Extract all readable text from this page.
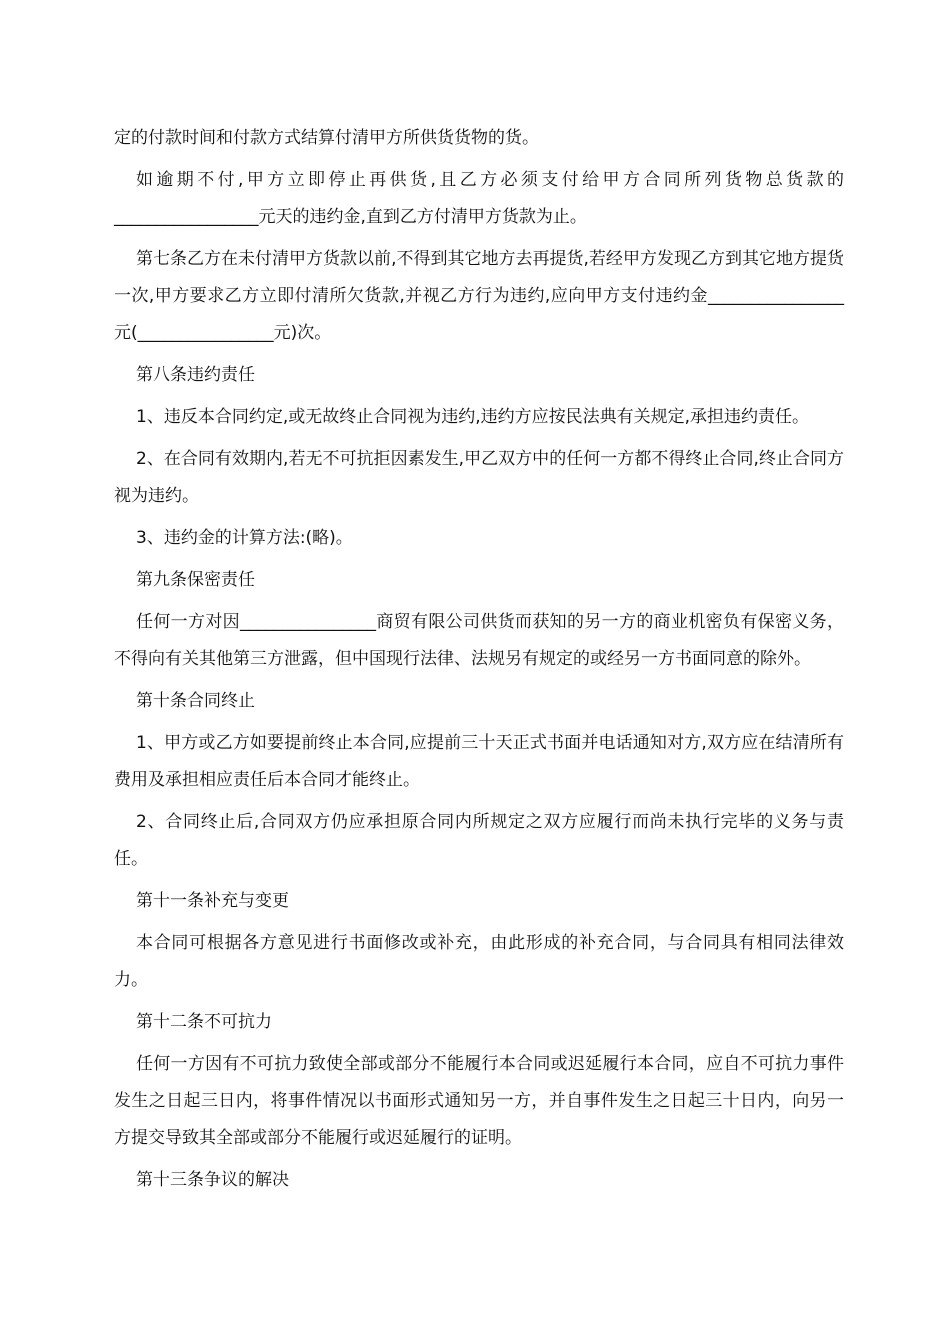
定的付款时间和付款方式结算付清甲方所供货货物的货。

如逾期不付,甲方立即停止再供货,且乙方必须支付给甲方合同所列货物总货款的_________________元天的违约金,直到乙方付清甲方货款为止。

第七条乙方在未付清甲方货款以前,不得到其它地方去再提货,若经甲方发现乙方到其它地方提货一次,甲方要求乙方立即付清所欠货款,并视乙方行为违约,应向甲方支付违约金________________元(________________元)次。

第八条违约责任

1、违反本合同约定,或无故终止合同视为违约,违约方应按民法典有关规定,承担违约责任。

2、在合同有效期内,若无不可抗拒因素发生,甲乙双方中的任何一方都不得终止合同,终止合同方视为违约。

3、违约金的计算方法:(略)。

第九条保密责任

任何一方对因________________商贸有限公司供货而获知的另一方的商业机密负有保密义务，不得向有关其他第三方泄露，但中国现行法律、法规另有规定的或经另一方书面同意的除外。

第十条合同终止

1、甲方或乙方如要提前终止本合同,应提前三十天正式书面并电话通知对方,双方应在结清所有费用及承担相应责任后本合同才能终止。

2、合同终止后,合同双方仍应承担原合同内所规定之双方应履行而尚未执行完毕的义务与责任。

第十一条补充与变更

本合同可根据各方意见进行书面修改或补充，由此形成的补充合同，与合同具有相同法律效力。

第十二条不可抗力

任何一方因有不可抗力致使全部或部分不能履行本合同或迟延履行本合同，应自不可抗力事件发生之日起三日内，将事件情况以书面形式通知另一方，并自事件发生之日起三十日内，向另一方提交导致其全部或部分不能履行或迟延履行的证明。

第十三条争议的解决
